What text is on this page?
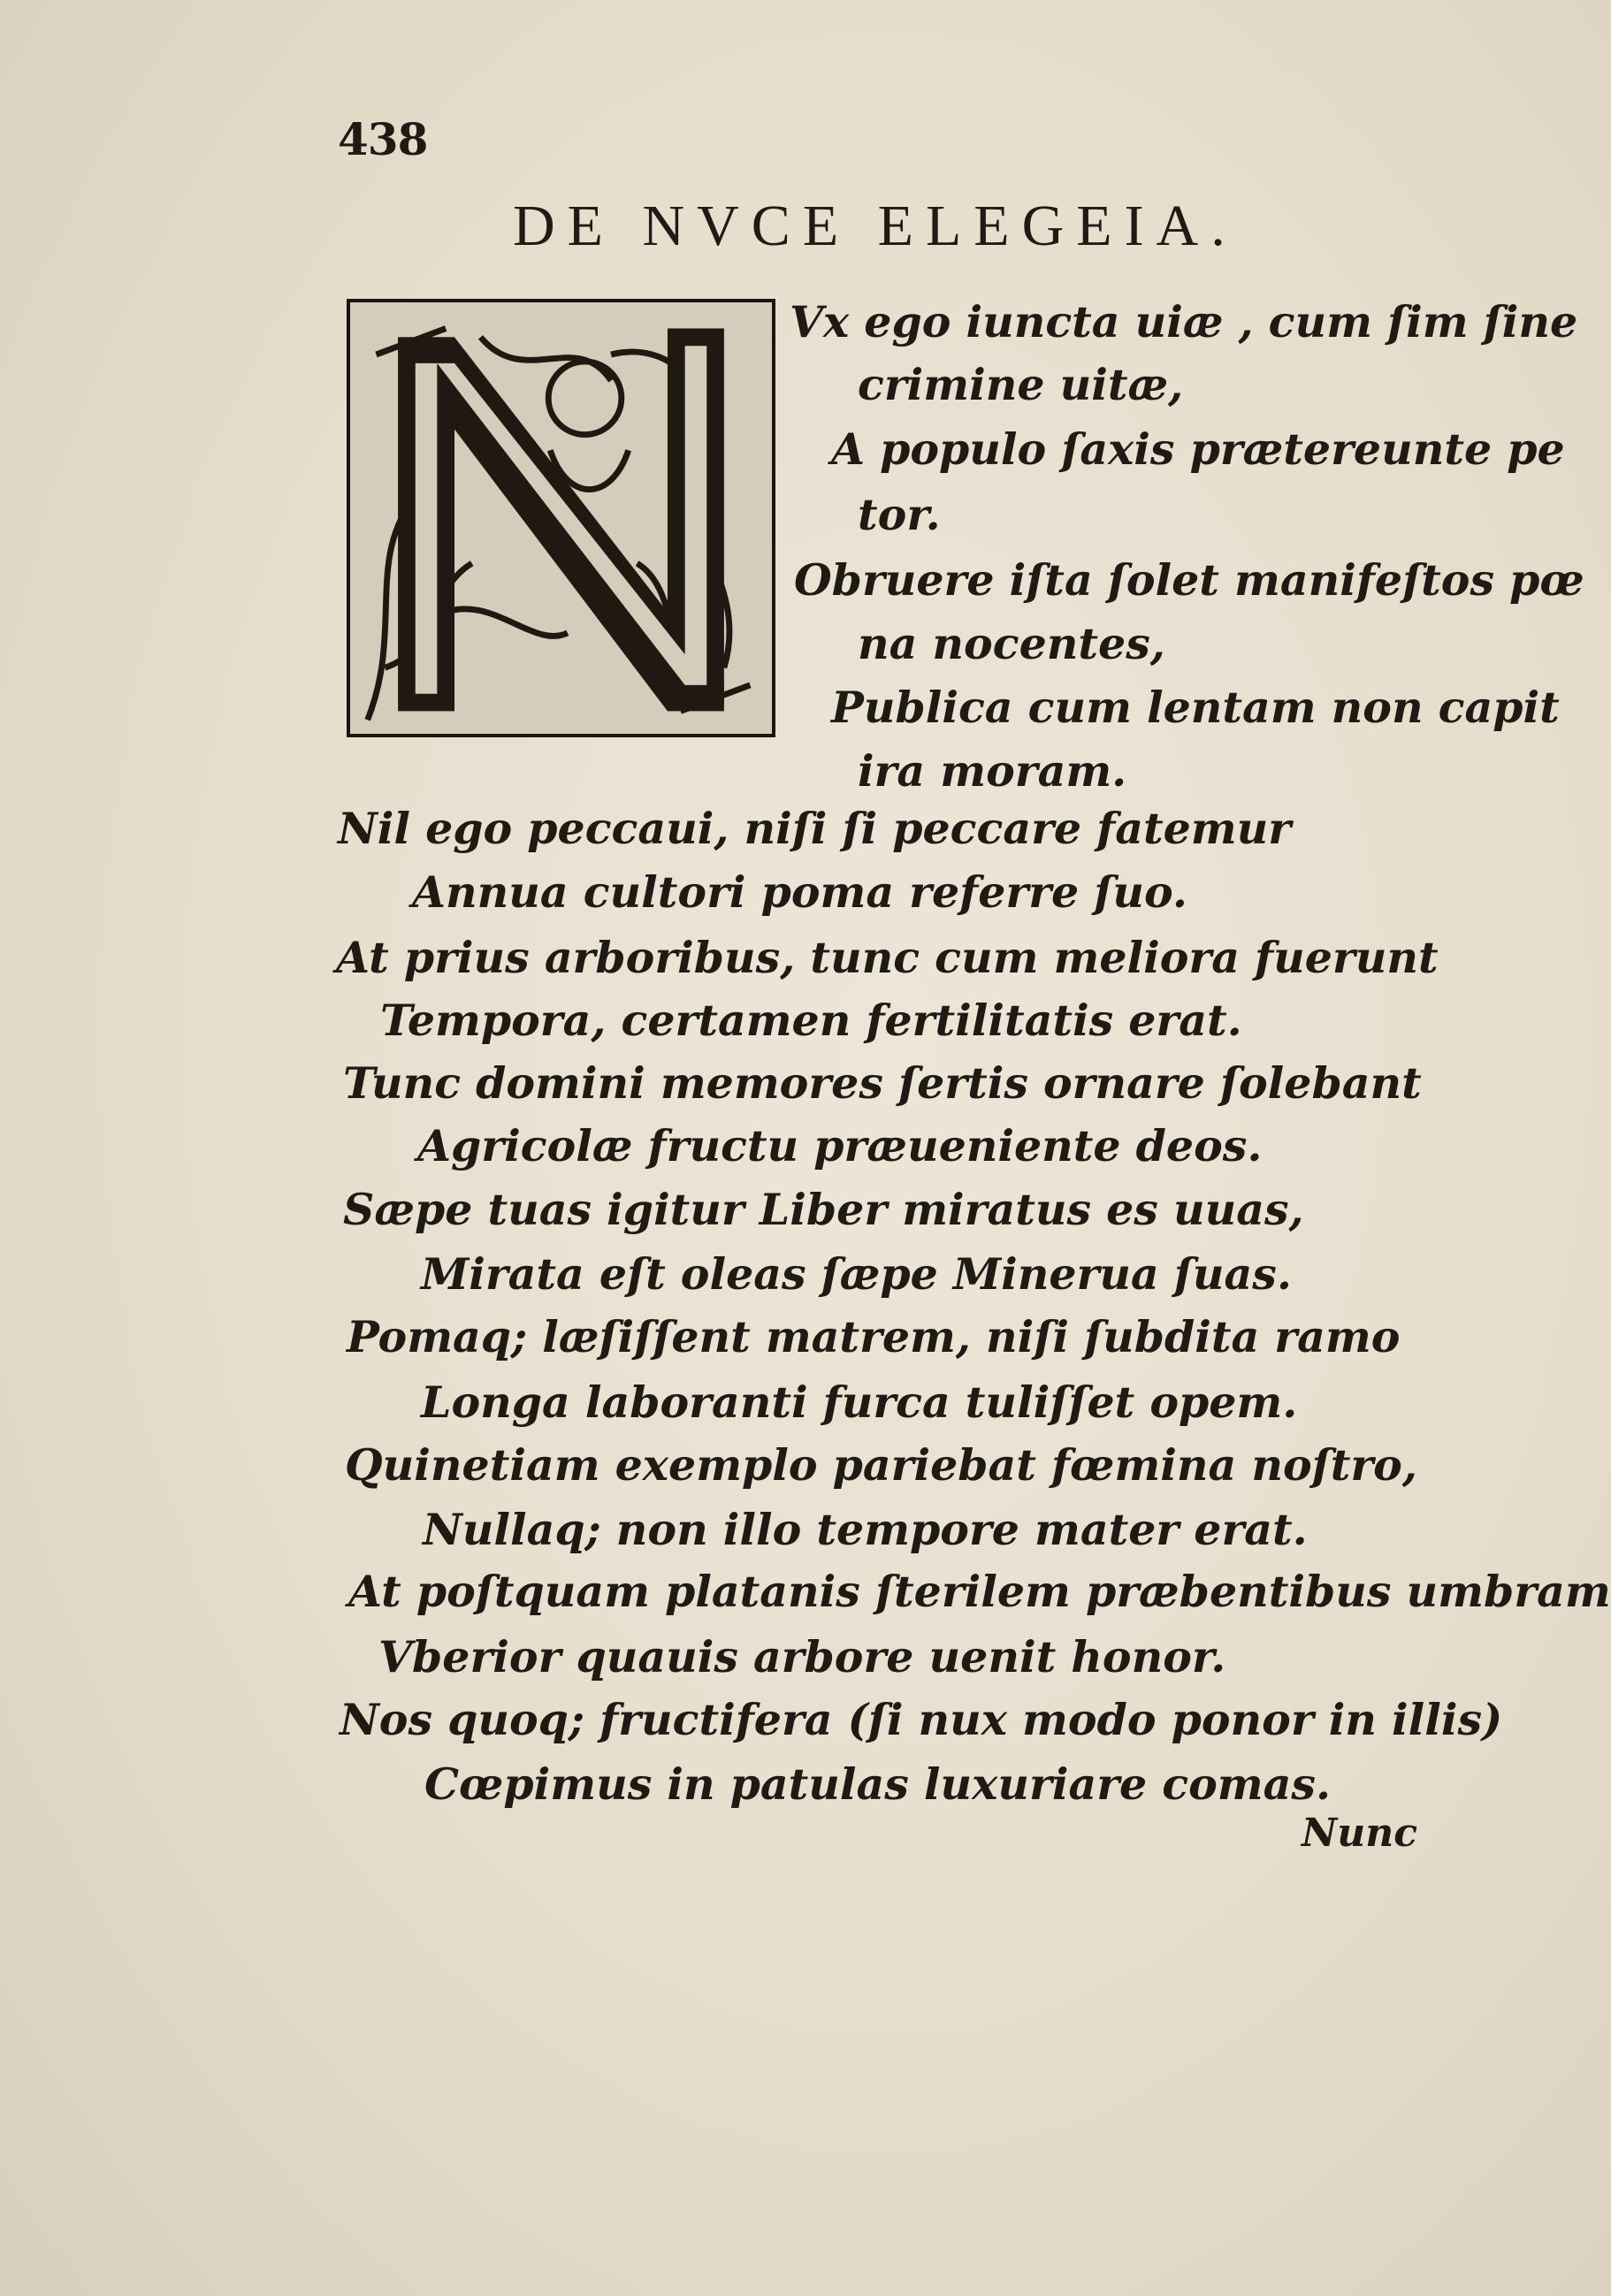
438
DE NVCE ELEGEIA.
Vx ego iuncta uiæ , cum ſim ſine
crimine uitæ,
A populo ſaxis prætereunte pe
tor.
Obruere iſta ſolet manifeſtos pœ
na nocentes,
Publica cum lentam non capit
ira moram.
Nil ego peccaui, niſi ſi peccare fatemur
Annua cultori poma referre ſuo.
At prius arboribus, tunc cum meliora fuerunt
Tempora, certamen fertilitatis erat.
Tunc domini memores ſertis ornare ſolebant
Agricolæ fructu præueniente deos.
Sæpe tuas igitur Liber miratus es uuas,
Mirata eſt oleas ſæpe Minerua ſuas.
Pomaq; læſiſſent matrem, niſi ſubdita ramo
Longa laboranti furca tuliſſet opem.
Quinetiam exemplo pariebat fœmina noſtro,
Nullaq; non illo tempore mater erat.
At poſtquam platanis ſterilem præbentibus umbram
Vberior quauis arbore uenit honor.
Nos quoq; fructifera (ſi nux modo ponor in illis)
Cœpimus in patulas luxuriare comas.
Nunc
